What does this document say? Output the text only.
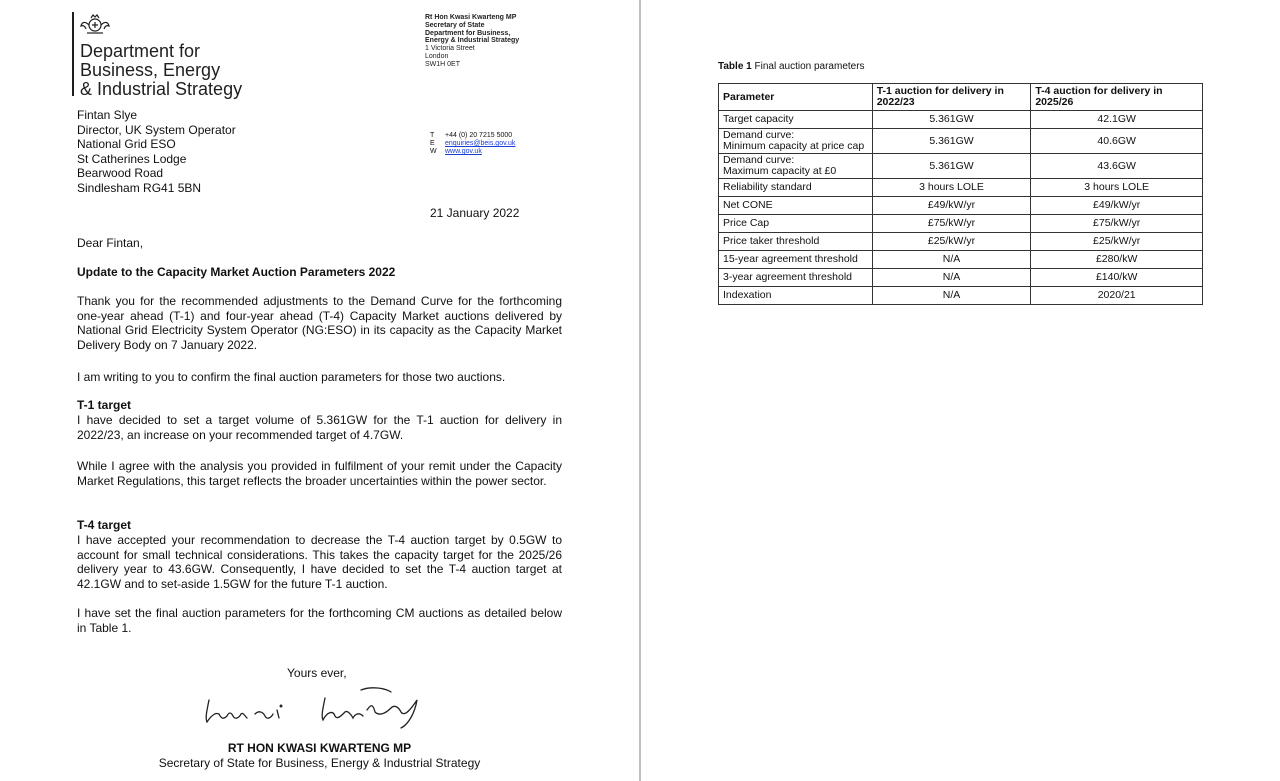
Department for
Business, Energy
& Industrial Strategy
Rt Hon Kwasi Kwarteng MP
Secretary of State
Department for Business,
Energy & Industrial Strategy
1 Victoria Street
London
SW1H 0ET
Fintan Slye
Director, UK System Operator
National Grid ESO
St Catherines Lodge
Bearwood Road
Sindlesham RG41 5BN
T	+44 (0) 20 7215 5000
E	enquiries@beis.gov.uk
W	www.gov.uk
21 January 2022
Dear Fintan,
Update to the Capacity Market Auction Parameters 2022
Thank you for the recommended adjustments to the Demand Curve for the forthcoming one-year ahead (T-1) and four-year ahead (T-4) Capacity Market auctions delivered by National Grid Electricity System Operator (NG:ESO) in its capacity as the Capacity Market Delivery Body on 7 January 2022.
I am writing to you to confirm the final auction parameters for those two auctions.
T-1 target
I have decided to set a target volume of 5.361GW for the T-1 auction for delivery in 2022/23, an increase on your recommended target of 4.7GW.
While I agree with the analysis you provided in fulfilment of your remit under the Capacity Market Regulations, this target reflects the broader uncertainties within the power sector.
T-4 target
I have accepted your recommendation to decrease the T-4 auction target by 0.5GW to account for small technical considerations. This takes the capacity target for the 2025/26 delivery year to 43.6GW. Consequently, I have decided to set the T-4 auction target at 42.1GW and to set-aside 1.5GW for the future T-1 auction.
I have set the final auction parameters for the forthcoming CM auctions as detailed below in Table 1.
Yours ever,
RT HON KWASI KWARTENG MP
Secretary of State for Business, Energy & Industrial Strategy
Table 1 Final auction parameters
Parameter	T-1 auction for delivery in 2022/23	T-4 auction for delivery in 2025/26
Target capacity	5.361GW	42.1GW

Demand curve:
Minimum capacity at price cap	5.361GW	40.6GW

Demand curve:
Maximum capacity at £0	5.361GW	43.6GW
Reliability standard	3 hours LOLE	3 hours LOLE
Net CONE	£49/kW/yr	£49/kW/yr
Price Cap	£75/kW/yr	£75/kW/yr
Price taker threshold	£25/kW/yr	£25/kW/yr
15-year agreement threshold	N/A	£280/kW
3-year agreement threshold	N/A	£140/kW
Indexation	N/A	2020/21
